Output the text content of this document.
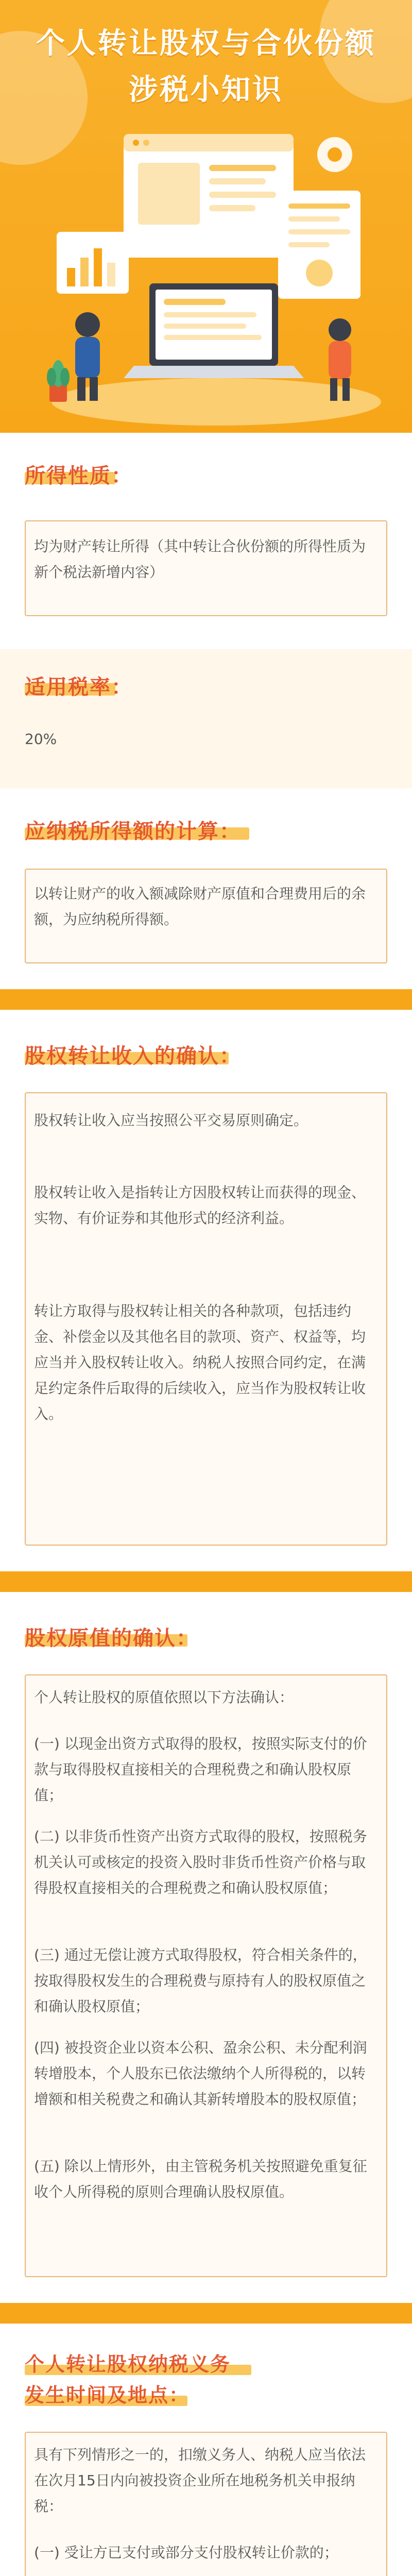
个人转让股权与合伙份额
涉税小知识
所得性质：
均为财产转让所得（其中转让合伙份额的所得性质为新个税法新增内容）
适用税率：
20%
应纳税所得额的计算：
以转让财产的收入额减除财产原值和合理费用后的余额，为应纳税所得额。
股权转让收入的确认：
股权转让收入应当按照公平交易原则确定。
股权转让收入是指转让方因股权转让而获得的现金、实物、有价证券和其他形式的经济利益。
转让方取得与股权转让相关的各种款项，包括违约金、补偿金以及其他名目的款项、资产、权益等，均应当并入股权转让收入。纳税人按照合同约定，在满足约定条件后取得的后续收入，应当作为股权转让收入。
股权原值的确认：
个人转让股权的原值依照以下方法确认：
(一) 以现金出资方式取得的股权，按照实际支付的价款与取得股权直接相关的合理税费之和确认股权原值；
(二) 以非货币性资产出资方式取得的股权，按照税务机关认可或核定的投资入股时非货币性资产价格与取得股权直接相关的合理税费之和确认股权原值；
(三) 通过无偿让渡方式取得股权，符合相关条件的，按取得股权发生的合理税费与原持有人的股权原值之和确认股权原值；
(四) 被投资企业以资本公积、盈余公积、未分配利润转增股本，个人股东已依法缴纳个人所得税的，以转增额和相关税费之和确认其新转增股本的股权原值；
(五) 除以上情形外，由主管税务机关按照避免重复征收个人所得税的原则合理确认股权原值。
个人转让股权纳税义务
发生时间及地点：
具有下列情形之一的，扣缴义务人、纳税人应当依法在次月15日内向被投资企业所在地税务机关申报纳税：
(一) 受让方已支付或部分支付股权转让价款的；
